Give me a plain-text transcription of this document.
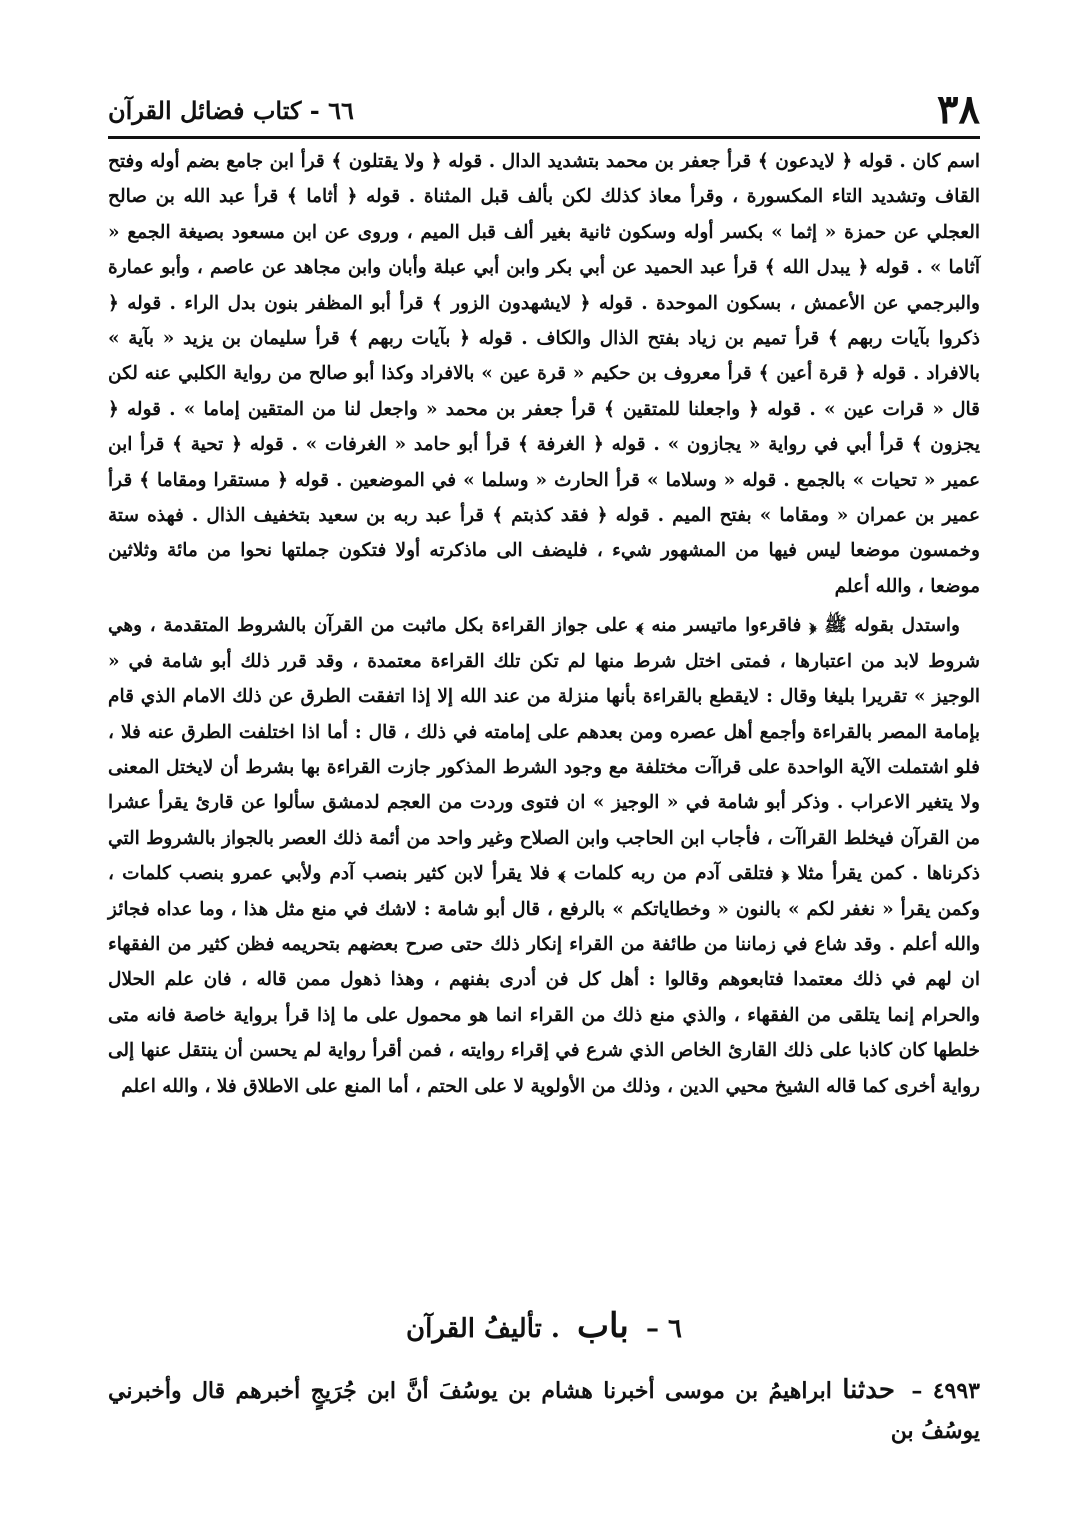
٣٨
٦٦ - كتاب فضائل القرآن

اسم كان . قوله ﴿ لايدعون ﴾ قرأ جعفر بن محمد بتشديد الدال . قوله ﴿ ولا يقتلون ﴾ قرأ ابن جامع بضم أوله وفتح القاف وتشديد التاء المكسورة ، وقرأ معاذ كذلك لكن بألف قبل المثناة . قوله ﴿ أثاما ﴾ قرأ عبد الله بن صالح العجلي عن حمزة « إثما » بكسر أوله وسكون ثانية بغير ألف قبل الميم ، وروى عن ابن مسعود بصيغة الجمع « آثاما » . قوله ﴿ يبدل الله ﴾ قرأ عبد الحميد عن أبي بكر وابن أبي عبلة وأبان وابن مجاهد عن عاصم ، وأبو عمارة والبرجمي عن الأعمش ، بسكون الموحدة . قوله ﴿ لايشهدون الزور ﴾ قرأ أبو المظفر بنون بدل الراء . قوله ﴿ ذكروا بآيات ربهم ﴾ قرأ تميم بن زياد بفتح الذال والكاف . قوله ﴿ بآيات ربهم ﴾ قرأ سليمان بن يزيد « بآية » بالافراد . قوله ﴿ قرة أعين ﴾ قرأ معروف بن حكيم « قرة عين » بالافراد وكذا أبو صالح من رواية الكلبي عنه لكن قال « قرات عين » . قوله ﴿ واجعلنا للمتقين ﴾ قرأ جعفر بن محمد « واجعل لنا من المتقين إماما » . قوله ﴿ يجزون ﴾ قرأ أبي في رواية « يجازون » . قوله ﴿ الغرفة ﴾ قرأ أبو حامد « الغرفات » . قوله ﴿ تحية ﴾ قرأ ابن عمير « تحيات » بالجمع . قوله « وسلاما » قرأ الحارث « وسلما » في الموضعين . قوله ﴿ مستقرا ومقاما ﴾ قرأ عمير بن عمران « ومقاما » بفتح الميم . قوله ﴿ فقد كذبتم ﴾ قرأ عبد ربه بن سعيد بتخفيف الذال . فهذه ستة وخمسون موضعا ليس فيها من المشهور شيء ، فليضف الى ماذكرته أولا فتكون جملتها نحوا من مائة وثلاثين موضعا ، والله أعلم

واستدل بقوله ﷺ ﴿ فاقرءوا ماتيسر منه ﴾ على جواز القراءة بكل ماثبت من القرآن بالشروط المتقدمة ، وهي شروط لابد من اعتبارها ، فمتى اختل شرط منها لم تكن تلك القراءة معتمدة ، وقد قرر ذلك أبو شامة في « الوجيز » تقريرا بليغا وقال : لايقطع بالقراءة بأنها منزلة من عند الله إلا إذا اتفقت الطرق عن ذلك الامام الذي قام بإمامة المصر بالقراءة وأجمع أهل عصره ومن بعدهم على إمامته في ذلك ، قال : أما اذا اختلفت الطرق عنه فلا ، فلو اشتملت الآية الواحدة على قراآت مختلفة مع وجود الشرط المذكور جازت القراءة بها بشرط أن لايختل المعنى ولا يتغير الاعراب . وذكر أبو شامة في « الوجيز » ان فتوى وردت من العجم لدمشق سألوا عن قارئ يقرأ عشرا من القرآن فيخلط القراآت ، فأجاب ابن الحاجب وابن الصلاح وغير واحد من أئمة ذلك العصر بالجواز بالشروط التي ذكرناها . كمن يقرأ مثلا ﴿ فتلقى آدم من ربه كلمات ﴾ فلا يقرأ لابن كثير بنصب آدم ولأبي عمرو بنصب كلمات ، وكمن يقرأ « نغفر لكم » بالنون « وخطاياتكم » بالرفع ، قال أبو شامة : لاشك في منع مثل هذا ، وما عداه فجائز والله أعلم . وقد شاع في زماننا من طائفة من القراء إنكار ذلك حتى صرح بعضهم بتحريمه فظن كثير من الفقهاء ان لهم في ذلك معتمدا فتابعوهم وقالوا : أهل كل فن أدرى بفنهم ، وهذا ذهول ممن قاله ، فان علم الحلال والحرام إنما يتلقى من الفقهاء ، والذي منع ذلك من القراء انما هو محمول على ما إذا قرأ برواية خاصة فانه متى خلطها كان كاذبا على ذلك القارئ الخاص الذي شرع في إقراء روايته ، فمن أقرأ رواية لم يحسن أن ينتقل عنها إلى رواية أخرى كما قاله الشيخ محيي الدين ، وذلك من الأولوية لا على الحتم ، أما المنع على الاطلاق فلا ، والله اعلم

٦ – باب . تأليفُ القرآن
٤٩٩٣ – حدثنا ابراهيمُ بن موسى أخبرنا هشام بن يوسُفَ أنَّ ابن جُرَيجٍ أخبرهم قال وأخبرني يوسُفُ بن
